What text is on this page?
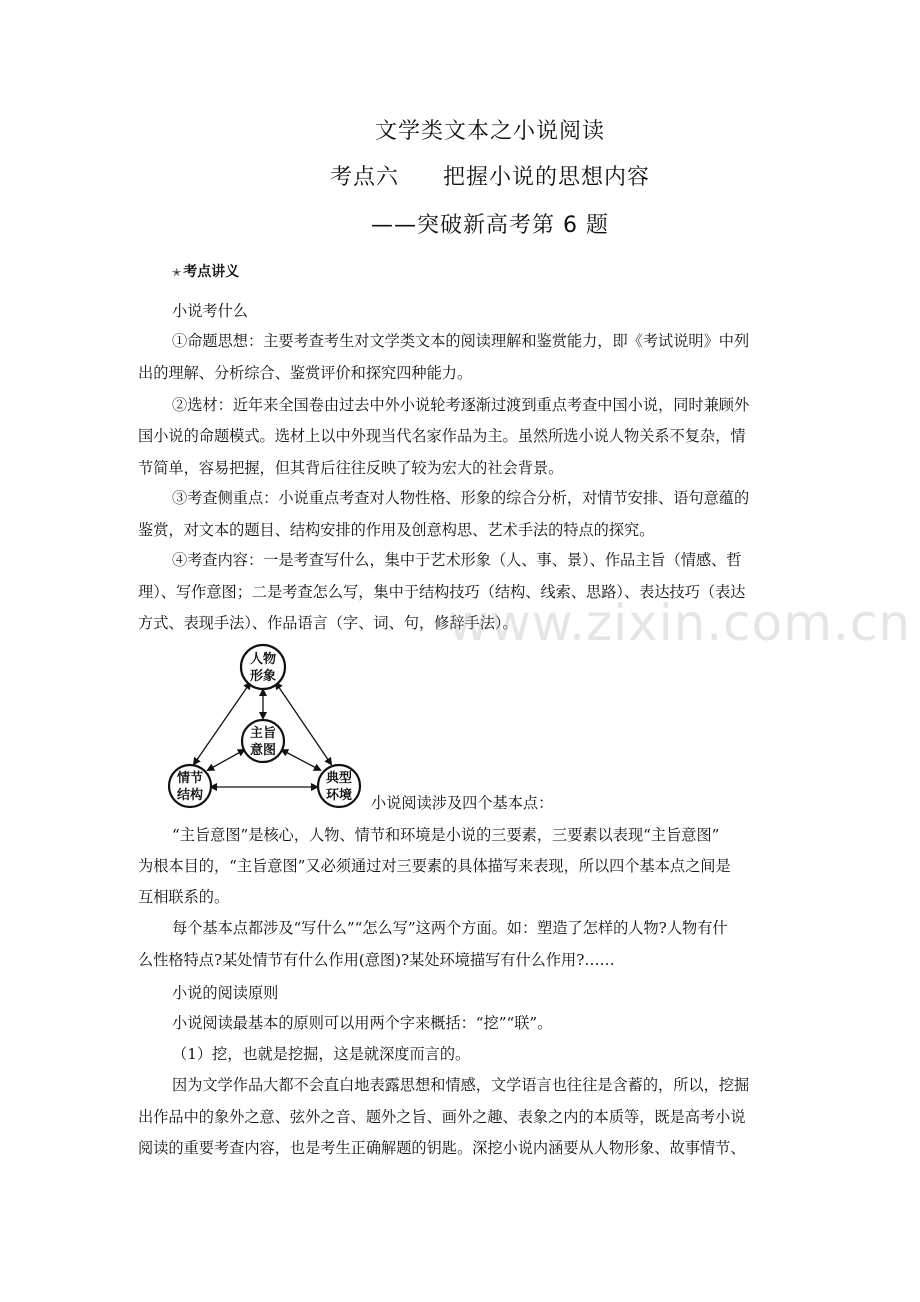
文学类文本之小说阅读
考点六 把握小说的思想内容
——突破新高考第 6 题
✭ 考点讲义
小说考什么
①命题思想：主要考查考生对文学类文本的阅读理解和鉴赏能力，即《考试说明》中列
出的理解、分析综合、鉴赏评价和探究四种能力。
②选材：近年来全国卷由过去中外小说轮考逐渐过渡到重点考查中国小说，同时兼顾外
国小说的命题模式。选材上以中外现当代名家作品为主。虽然所选小说人物关系不复杂，情
节简单，容易把握，但其背后往往反映了较为宏大的社会背景。
③考查侧重点：小说重点考查对人物性格、形象的综合分析，对情节安排、语句意蕴的
鉴赏，对文本的题目、结构安排的作用及创意构思、艺术手法的特点的探究。
④考查内容：一是考查写什么，集中于艺术形象（人、事、景）、作品主旨（情感、哲
理）、写作意图；二是考查怎么写，集中于结构技巧（结构、线索、思路）、表达技巧（表达
方式、表现手法）、作品语言（字、词、句，修辞手法）。
www.zixin.com.cn
人物
形象
主旨
意图
情节
结构
典型
环境 小说阅读涉及四个基本点：
“主旨意图”是核心，人物、情节和环境是小说的三要素，三要素以表现“主旨意图”
为根本目的，“主旨意图”又必须通过对三要素的具体描写来表现，所以四个基本点之间是
互相联系的。
每个基本点都涉及“写什么”“怎么写”这两个方面。如：塑造了怎样的人物?人物有什
么性格特点?某处情节有什么作用(意图)?某处环境描写有什么作用?……
小说的阅读原则
小说阅读最基本的原则可以用两个字来概括：“挖”“联”。
（1）挖，也就是挖掘，这是就深度而言的。
因为文学作品大都不会直白地表露思想和情感，文学语言也往往是含蓄的，所以，挖掘
出作品中的象外之意、弦外之音、题外之旨、画外之趣、表象之内的本质等，既是高考小说
阅读的重要考查内容，也是考生正确解题的钥匙。深挖小说内涵要从人物形象、故事情节、
